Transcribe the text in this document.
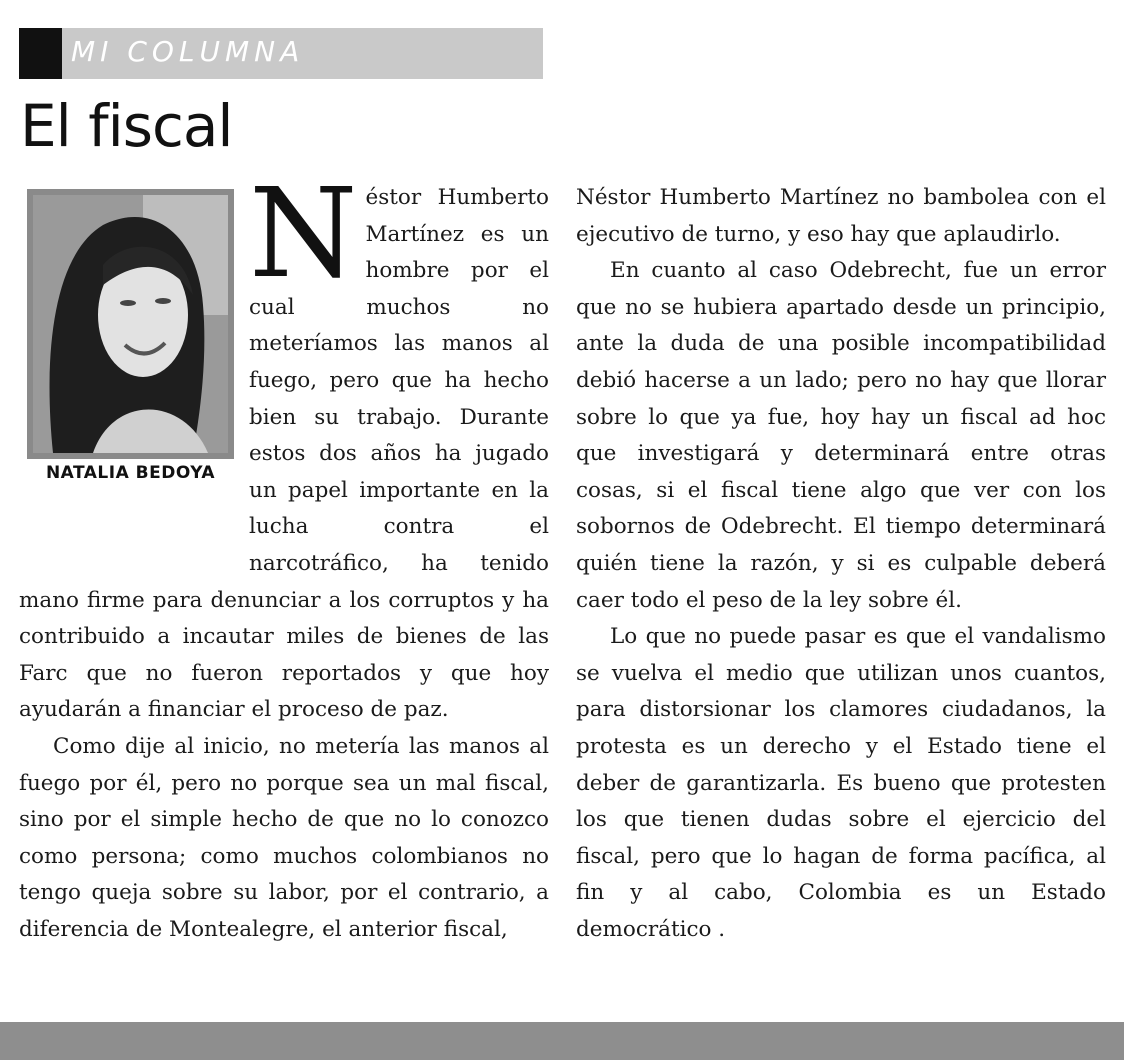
MI COLUMNA
El fiscal
NATALIA BEDOYA

Néstor Humberto Martínez es un hombre por el cual muchos no meteríamos las manos al fuego, pero que ha hecho bien su trabajo. Durante estos dos años ha jugado un papel importante en la lucha contra el narcotráfico, ha tenido mano firme para denunciar a los corruptos y ha contribuido a incautar miles de bienes de las Farc que no fueron reportados y que hoy ayudarán a financiar el proceso de paz.

Como dije al inicio, no metería las manos al fuego por él, pero no porque sea un mal fiscal, sino por el simple hecho de que no lo conozco como persona; como muchos colombianos no tengo queja sobre su labor, por el contrario, a diferencia de Montealegre, el anterior fiscal,

Néstor Humberto Martínez no bambolea con el ejecutivo de turno, y eso hay que aplaudirlo.

En cuanto al caso Odebrecht, fue un error que no se hubiera apartado desde un principio, ante la duda de una posible incompatibilidad debió hacerse a un lado; pero no hay que llorar sobre lo que ya fue, hoy hay un fiscal ad hoc que investigará y determinará entre otras cosas, si el fiscal tiene algo que ver con los sobornos de Odebrecht. El tiempo determinará quién tiene la razón, y si es culpable deberá caer todo el peso de la ley sobre él.

Lo que no puede pasar es que el vandalismo se vuelva el medio que utilizan unos cuantos, para distorsionar los clamores ciudadanos, la protesta es un derecho y el Estado tiene el deber de garantizarla. Es bueno que protesten los que tienen dudas sobre el ejercicio del fiscal, pero que lo hagan de forma pacífica, al fin y al cabo, Colombia es un Estado democrático .
